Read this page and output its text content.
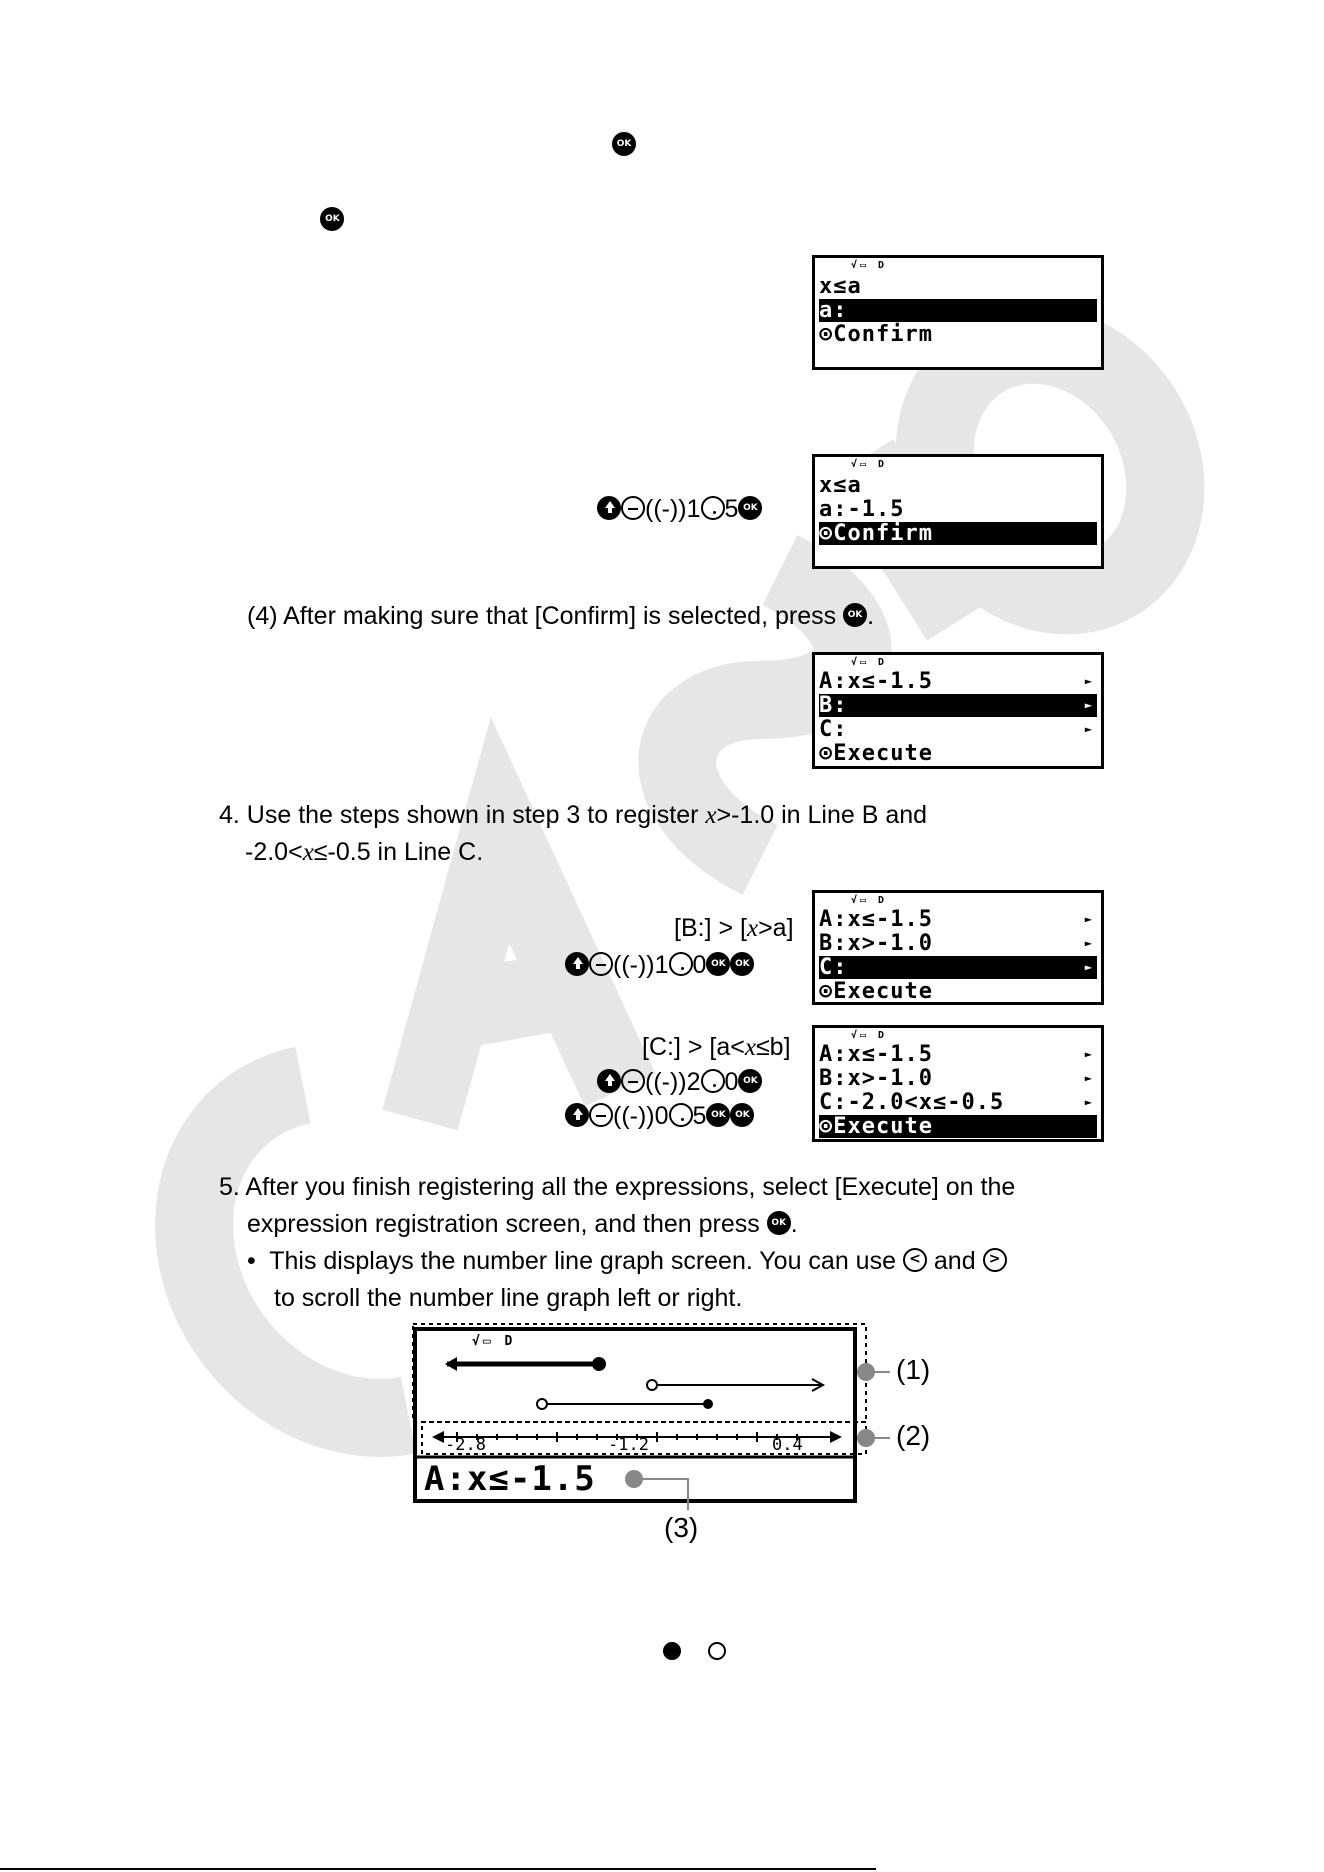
OK OK
√▭ D
x≤a
a:
⊙Confirm
((-))1 5 OK
√▭ D
x≤a
a:-1.5
⊙Confirm
(4) After making sure that [Confirm] is selected, press OK .
√▭ D
A:x≤-1.5	►
B:	►
C:	►
⊙Execute
4. Use the steps shown in step 3 to register x>-1.0 in Line B and
-2.0<x≤-0.5 in Line C.
[B:] > [x>a]
((-))1 0 OK OK
√▭ D
A:x≤-1.5	►
B:x>-1.0	►
C:	►
⊙Execute
[C:] > [a<x≤b]
((-))2 0 OK
((-))0 5 OK OK
√▭ D
A:x≤-1.5	►
B:x>-1.0	►
C:-2.0<x≤-0.5	►
⊙Execute
5. After you finish registering all the expressions, select [Execute] on the
expression registration screen, and then press OK .
• This displays the number line graph screen. You can use < and >
to scroll the number line graph left or right.
√▭ D
-2.8	-1.2	0.4
A:x≤-1.5
(1)
(2)
(3)
